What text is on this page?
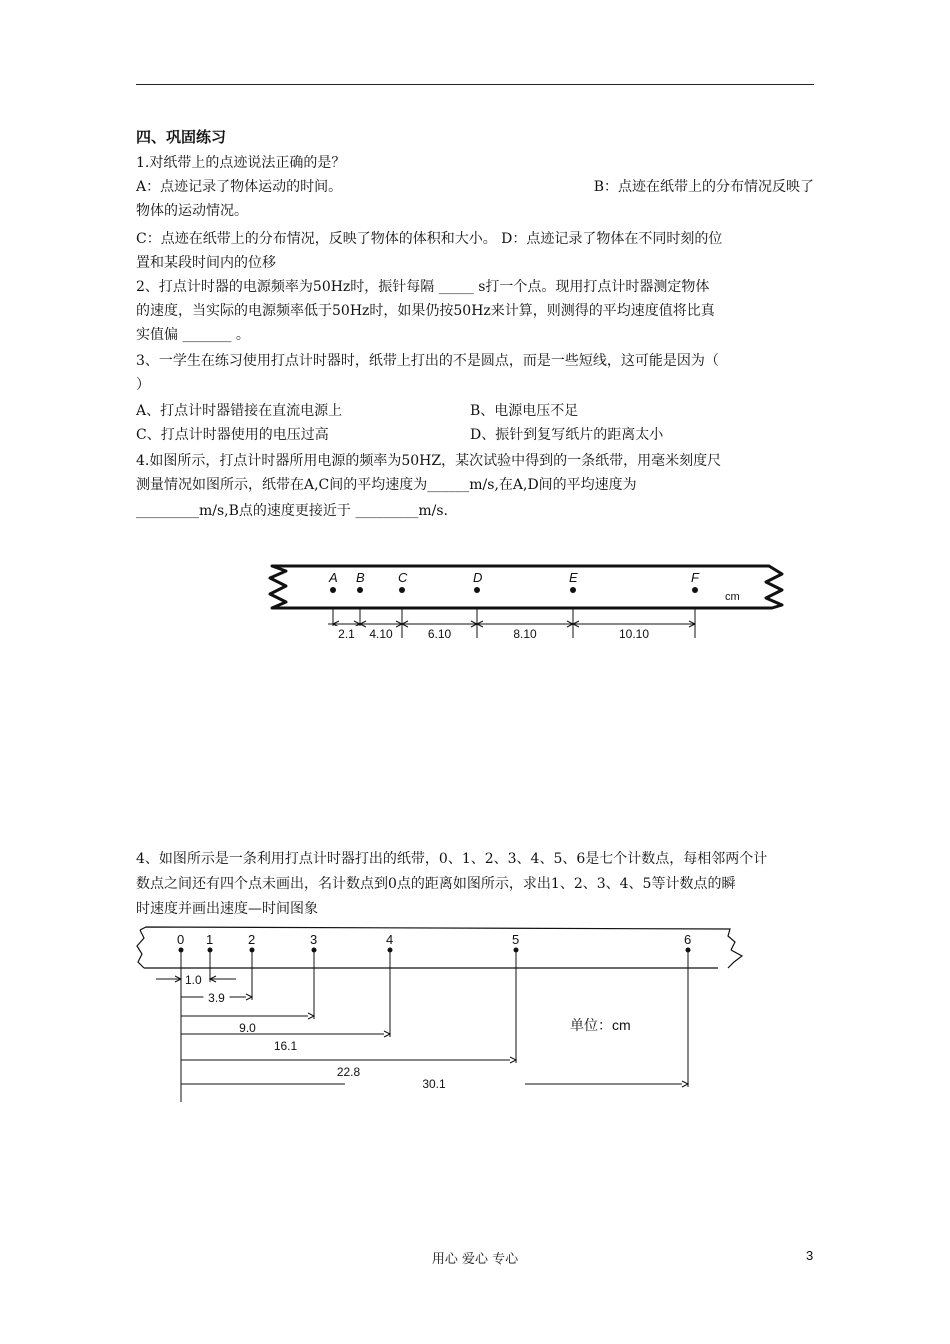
四、巩固练习
1.对纸带上的点迹说法正确的是？
A：点迹记录了物体运动的时间。	B：点迹在纸带上的分布情况反映了
物体的运动情况。
C：点迹在纸带上的分布情况，反映了物体的体积和大小。 D：点迹记录了物体在不同时刻的位
置和某段时间内的位移
2、打点计时器的电源频率为50Hz时，振针每隔 _____ s打一个点。现用打点计时器测定物体
的速度，当实际的电源频率低于50Hz时，如果仍按50Hz来计算，则测得的平均速度值将比真
实值偏 _______ 。
3、一学生在练习使用打点计时器时，纸带上打出的不是圆点，而是一些短线，这可能是因为（
）
A、打点计时器错接在直流电源上	B、电源电压不足
C、打点计时器使用的电压过高	D、振针到复写纸片的距离太小
4.如图所示，打点计时器所用电源的频率为50HZ，某次试验中得到的一条纸带，用毫米刻度尺
测量情况如图所示，纸带在A,C间的平均速度为______m/s,在A,D间的平均速度为
_________m/s,B点的速度更接近于 _________m/s.
A B	C	D	E	F
cm
2.1 4.10	6.10	8.10	10.10
4、如图所示是一条利用打点计时器打出的纸带，0、1、2、3、4、5、6是七个计数点，每相邻两个计
数点之间还有四个点未画出，名计数点到0点的距离如图所示，求出1、2、3、4、5等计数点的瞬
时速度并画出速度—时间图象
0 1	2	3	4	5	6
1.0
3.9
9.0
16.1
22.8
30.1
单位：cm
用心 爱心 专心	3
